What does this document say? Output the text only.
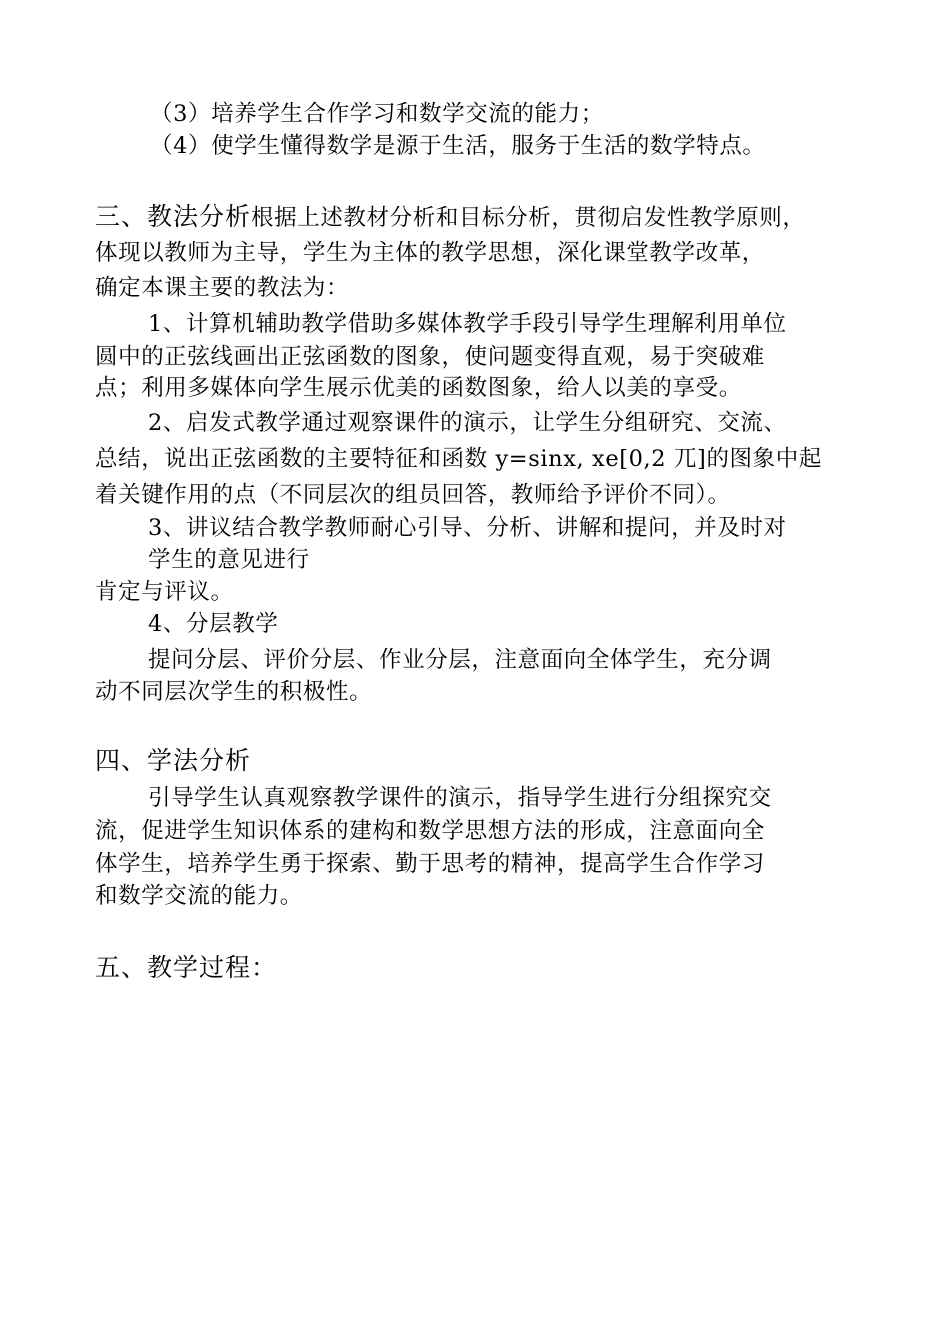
（3）培养学生合作学习和数学交流的能力；
（4）使学生懂得数学是源于生活，服务于生活的数学特点。
三、教法分析根据上述教材分析和目标分析，贯彻启发性教学原则，
体现以教师为主导，学生为主体的教学思想，深化课堂教学改革，
确定本课主要的教法为：
1、计算机辅助教学借助多媒体教学手段引导学生理解利用单位
圆中的正弦线画出正弦函数的图象，使问题变得直观，易于突破难
点；利用多媒体向学生展示优美的函数图象，给人以美的享受。
2、启发式教学通过观察课件的演示，让学生分组研究、交流、
总结，说出正弦函数的主要特征和函数 y=sinx, xe[0,2 兀]的图象中起
着关键作用的点（不同层次的组员回答，教师给予评价不同）。
3、讲议结合教学教师耐心引导、分析、讲解和提问，并及时对
学生的意见进行
肯定与评议。
4、分层教学
提问分层、评价分层、作业分层，注意面向全体学生，充分调
动不同层次学生的积极性。
四、学法分析
引导学生认真观察教学课件的演示，指导学生进行分组探究交
流，促进学生知识体系的建构和数学思想方法的形成，注意面向全
体学生，培养学生勇于探索、勤于思考的精神，提高学生合作学习
和数学交流的能力。
五、教学过程：
